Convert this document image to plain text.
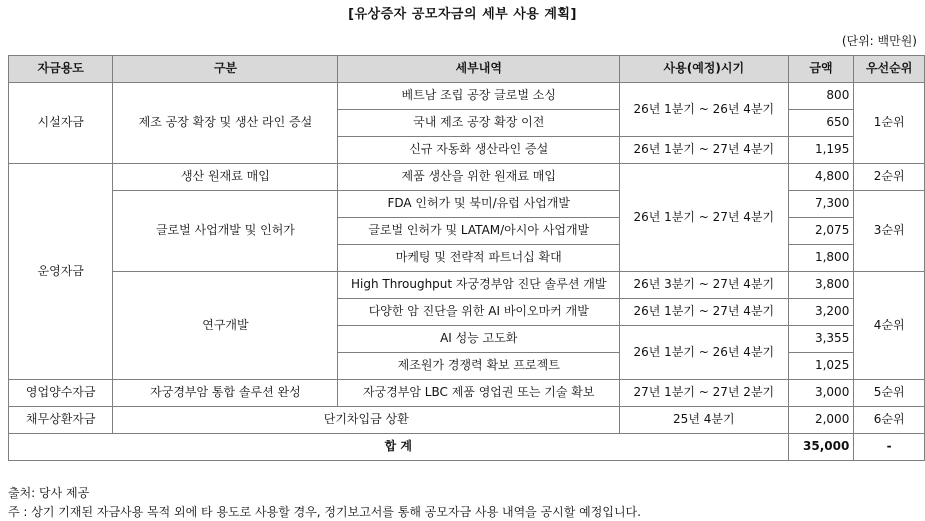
[유상증자 공모자금의 세부 사용 계획]
(단위: 백만원)
자금용도	구분	세부내역	사용(예정)시기	금액	우선순위
시설자금	제조 공장 확장 및 생산 라인 증설	베트남 조립 공장 글로벌 소싱	26년 1분기 ~ 26년 4분기	800	1순위
		국내 제조 공장 확장 이전		650	
		신규 자동화 생산라인 증설	26년 1분기 ~ 27년 4분기	1,195	
운영자금	생산 원재료 매입	제품 생산을 위한 원재료 매입	26년 1분기 ~ 27년 4분기	4,800	2순위
	글로벌 사업개발 및 인허가	FDA 인허가 및 북미/유럽 사업개발		7,300	3순위
		글로벌 인허가 및 LATAM/아시아 사업개발		2,075	
		마케팅 및 전략적 파트너십 확대		1,800	
	연구개발	High Throughput 자궁경부암 진단 솔루션 개발	26년 3분기 ~ 27년 4분기	3,800	4순위
		다양한 암 진단을 위한 AI 바이오마커 개발	26년 1분기 ~ 27년 4분기	3,200	
		AI 성능 고도화	26년 1분기 ~ 26년 4분기	3,355	
		제조원가 경쟁력 확보 프로젝트		1,025	
영업양수자금	자궁경부암 통합 솔루션 완성	자궁경부암 LBC 제품 영업권 또는 기술 확보	27년 1분기 ~ 27년 2분기	3,000	5순위
채무상환자금	단기차입금 상환		25년 4분기	2,000	6순위
합 계				35,000	-
출처: 당사 제공
주 : 상기 기재된 자금사용 목적 외에 타 용도로 사용할 경우, 정기보고서를 통해 공모자금 사용 내역을 공시할 예정입니다.
